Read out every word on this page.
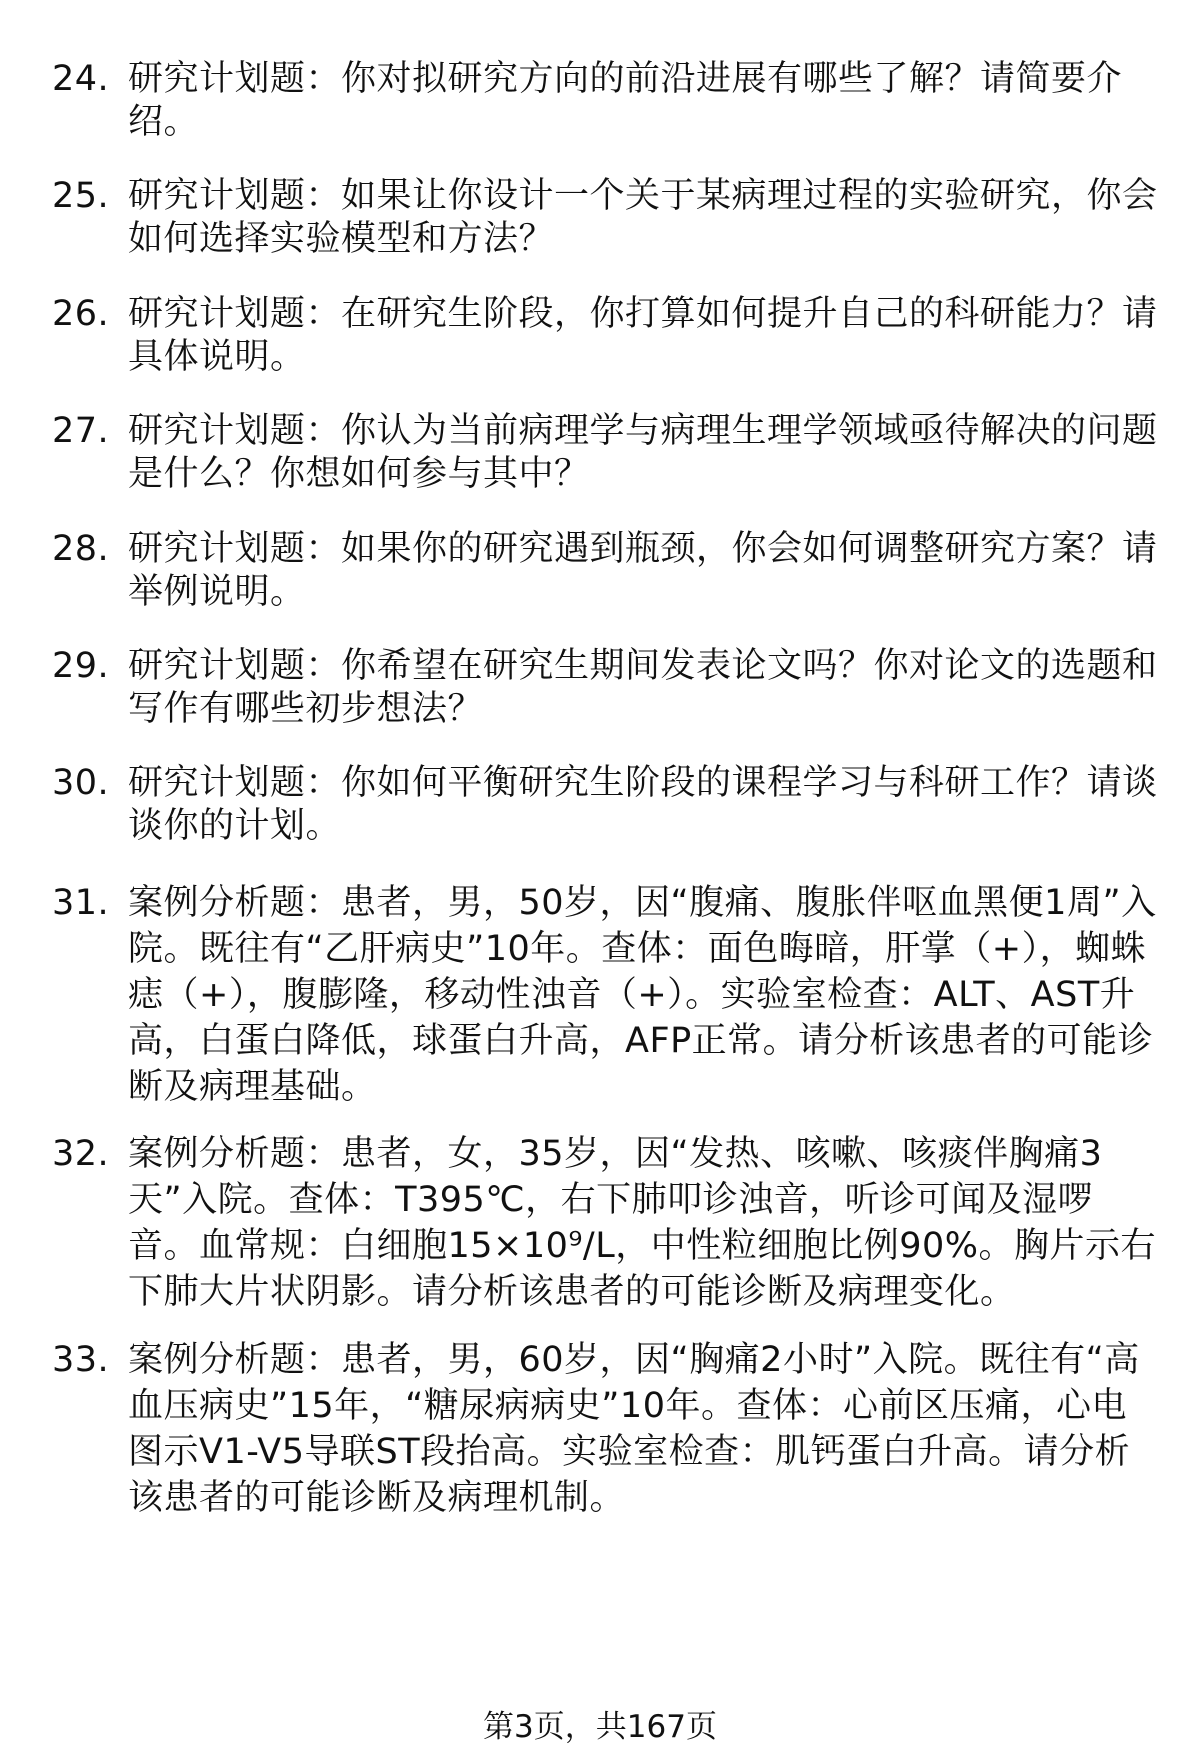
24. 研究计划题：你对拟研究方向的前沿进展有哪些了解？请简要介绍。
25. 研究计划题：如果让你设计一个关于某病理过程的实验研究，你会如何选择实验模型和方法？
26. 研究计划题：在研究生阶段，你打算如何提升自己的科研能力？请具体说明。
27. 研究计划题：你认为当前病理学与病理生理学领域亟待解决的问题是什么？你想如何参与其中？
28. 研究计划题：如果你的研究遇到瓶颈，你会如何调整研究方案？请举例说明。
29. 研究计划题：你希望在研究生期间发表论文吗？你对论文的选题和写作有哪些初步想法？
30. 研究计划题：你如何平衡研究生阶段的课程学习与科研工作？请谈谈你的计划。
31. 案例分析题：患者，男，50岁，因“腹痛、腹胀伴呕血黑便1周”入院。既往有“乙肝病史”10年。查体：面色晦暗，肝掌（+），蜘蛛痣（+），腹膨隆，移动性浊音（+）。实验室检查：ALT、AST升高，白蛋白降低，球蛋白升高，AFP正常。请分析该患者的可能诊断及病理基础。
32. 案例分析题：患者，女，35岁，因“发热、咳嗽、咳痰伴胸痛3天”入院。查体：T395℃，右下肺叩诊浊音，听诊可闻及湿啰音。血常规：白细胞15×10⁹/L，中性粒细胞比例90%。胸片示右下肺大片状阴影。请分析该患者的可能诊断及病理变化。
33. 案例分析题：患者，男，60岁，因“胸痛2小时”入院。既往有“高血压病史”15年，“糖尿病病史”10年。查体：心前区压痛，心电图示V1-V5导联ST段抬高。实验室检查：肌钙蛋白升高。请分析该患者的可能诊断及病理机制。
第3页，共167页
